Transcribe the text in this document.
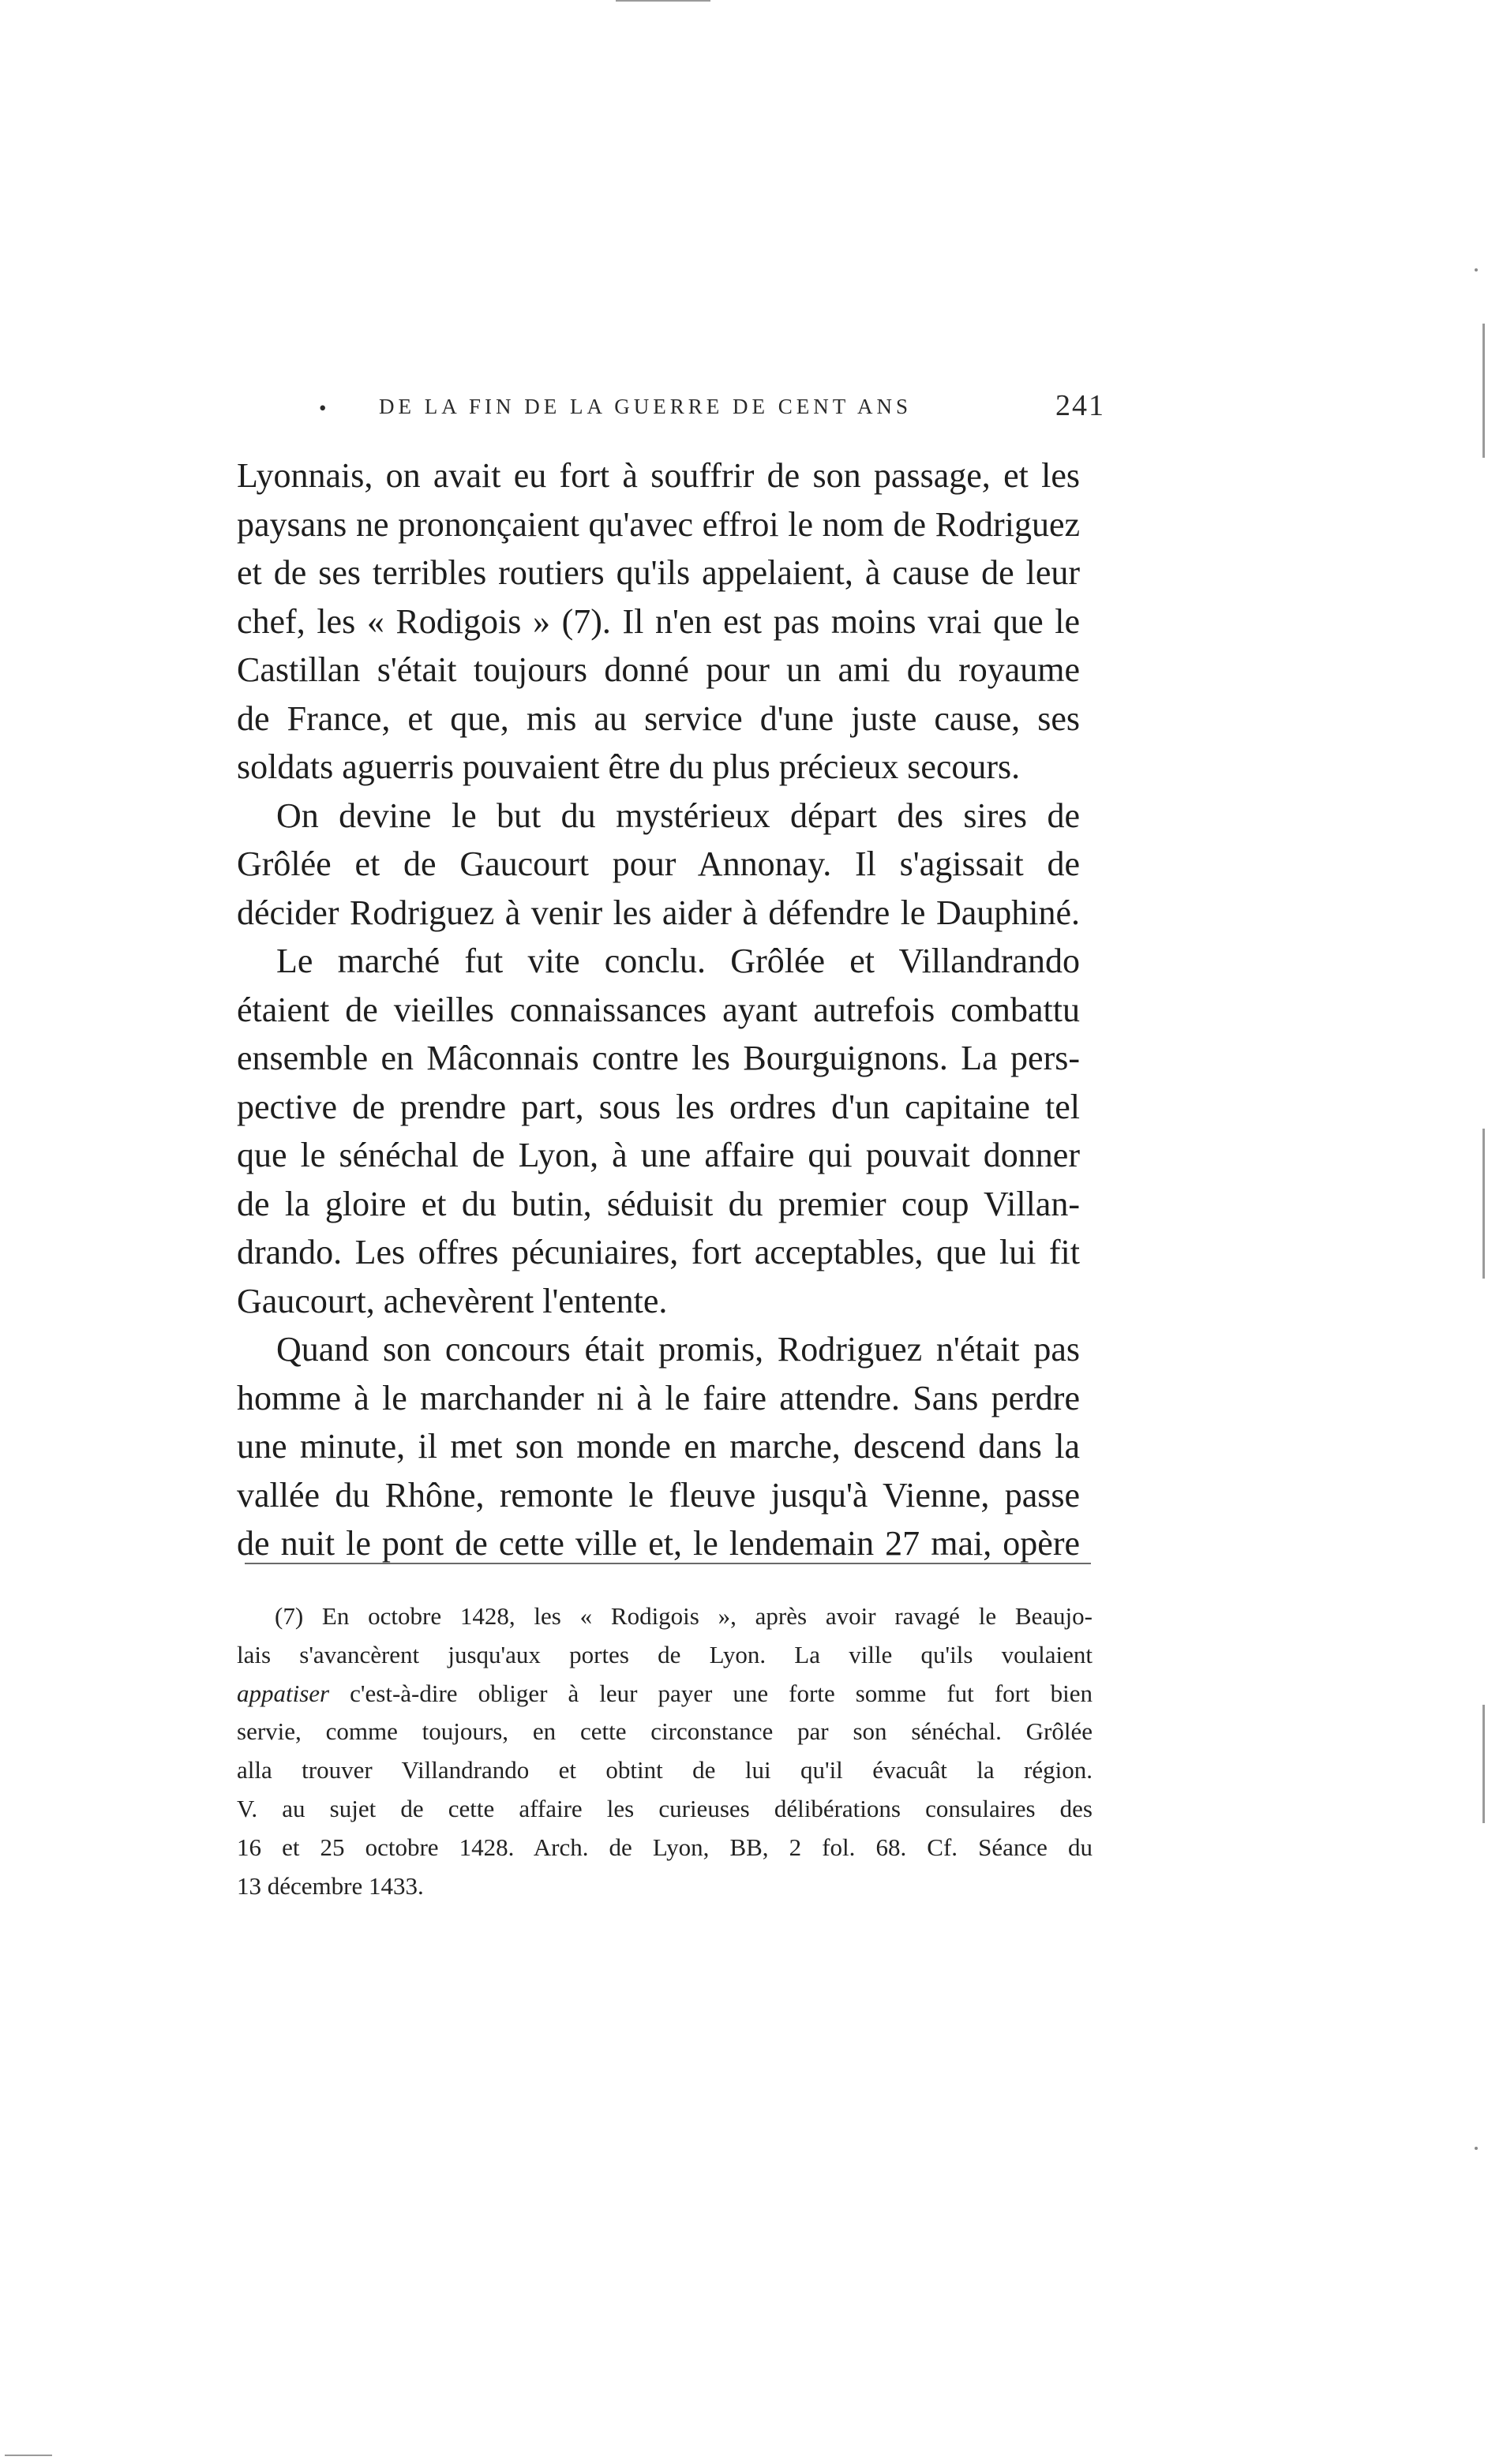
• DE LA FIN DE LA GUERRE DE CENT ANS	241
Lyonnais, on avait eu fort à souffrir de son passage, et les
paysans ne prononçaient qu'avec effroi le nom de Rodriguez
et de ses terribles routiers qu'ils appelaient, à cause de leur
chef, les « Rodigois » (7). Il n'en est pas moins vrai que le
Castillan s'était toujours donné pour un ami du royaume
de France, et que, mis au service d'une juste cause, ses
soldats aguerris pouvaient être du plus précieux secours.
On devine le but du mystérieux départ des sires de
Grôlée et de Gaucourt pour Annonay. Il s'agissait de
décider Rodriguez à venir les aider à défendre le Dauphiné.
Le marché fut vite conclu. Grôlée et Villandrando
étaient de vieilles connaissances ayant autrefois combattu
ensemble en Mâconnais contre les Bourguignons. La pers-
pective de prendre part, sous les ordres d'un capitaine tel
que le sénéchal de Lyon, à une affaire qui pouvait donner
de la gloire et du butin, séduisit du premier coup Villan-
drando. Les offres pécuniaires, fort acceptables, que lui fit
Gaucourt, achevèrent l'entente.
Quand son concours était promis, Rodriguez n'était pas
homme à le marchander ni à le faire attendre. Sans perdre
une minute, il met son monde en marche, descend dans la
vallée du Rhône, remonte le fleuve jusqu'à Vienne, passe
de nuit le pont de cette ville et, le lendemain 27 mai, opère
(7) En octobre 1428, les « Rodigois », après avoir ravagé le Beaujo-
lais s'avancèrent jusqu'aux portes de Lyon. La ville qu'ils voulaient
appatiser c'est-à-dire obliger à leur payer une forte somme fut fort bien
servie, comme toujours, en cette circonstance par son sénéchal. Grôlée
alla trouver Villandrando et obtint de lui qu'il évacuât la région.
V. au sujet de cette affaire les curieuses délibérations consulaires des
16 et 25 octobre 1428. Arch. de Lyon, BB, 2 fol. 68. Cf. Séance du
13 décembre 1433.
